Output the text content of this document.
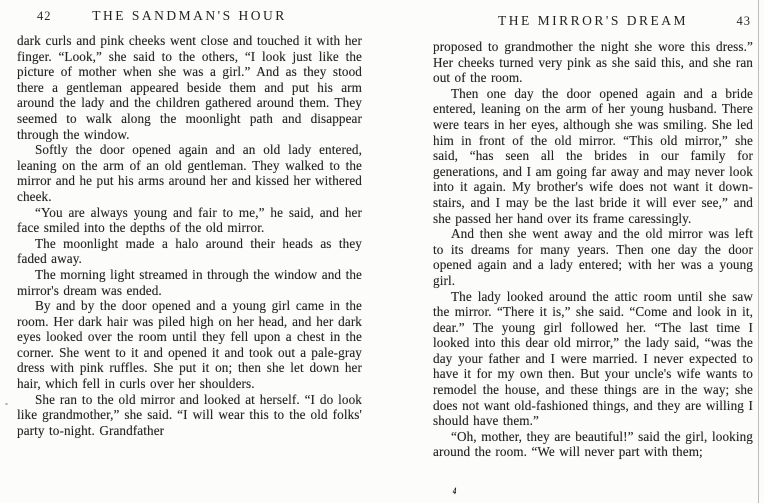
42	THE SANDMAN'S HOUR

dark curls and pink cheeks went close and touched it with her finger. “Look,” she said to the others, “I look just like the picture of mother when she was a girl.” And as they stood there a gentleman appeared beside them and put his arm around the lady and the children gathered around them. They seemed to walk along the moonlight path and disappear through the window.

Softly the door opened again and an old lady entered, leaning on the arm of an old gentleman. They walked to the mirror and he put his arms around her and kissed her withered cheek.

“You are always young and fair to me,” he said, and her face smiled into the depths of the old mirror.

The moonlight made a halo around their heads as they faded away.

The morning light streamed in through the window and the mirror's dream was ended.

By and by the door opened and a young girl came in the room. Her dark hair was piled high on her head, and her dark eyes looked over the room until they fell upon a chest in the corner. She went to it and opened it and took out a pale-gray dress with pink ruffles. She put it on; then she let down her hair, which fell in curls over her shoulders.

She ran to the old mirror and looked at herself. “I do look like grandmother,” she said. “I will wear this to the old folks' party to-night. Grandfather

THE MIRROR'S DREAM	43

proposed to grandmother the night she wore this dress.” Her cheeks turned very pink as she said this, and she ran out of the room.

Then one day the door opened again and a bride entered, leaning on the arm of her young husband. There were tears in her eyes, although she was smiling. She led him in front of the old mirror. “This old mirror,” she said, “has seen all the brides in our family for generations, and I am going far away and may never look into it again. My brother's wife does not want it down-stairs, and I may be the last bride it will ever see,” and she passed her hand over its frame caressingly.

And then she went away and the old mirror was left to its dreams for many years. Then one day the door opened again and a lady entered; with her was a young girl.

The lady looked around the attic room until she saw the mirror. “There it is,” she said. “Come and look in it, dear.” The young girl followed her. “The last time I looked into this dear old mirror,” the lady said, “was the day your father and I were married. I never expected to have it for my own then. But your uncle's wife wants to remodel the house, and these things are in the way; she does not want old-fashioned things, and they are willing I should have them.”

“Oh, mother, they are beautiful!” said the girl, looking around the room. “We will never part with them;

4
